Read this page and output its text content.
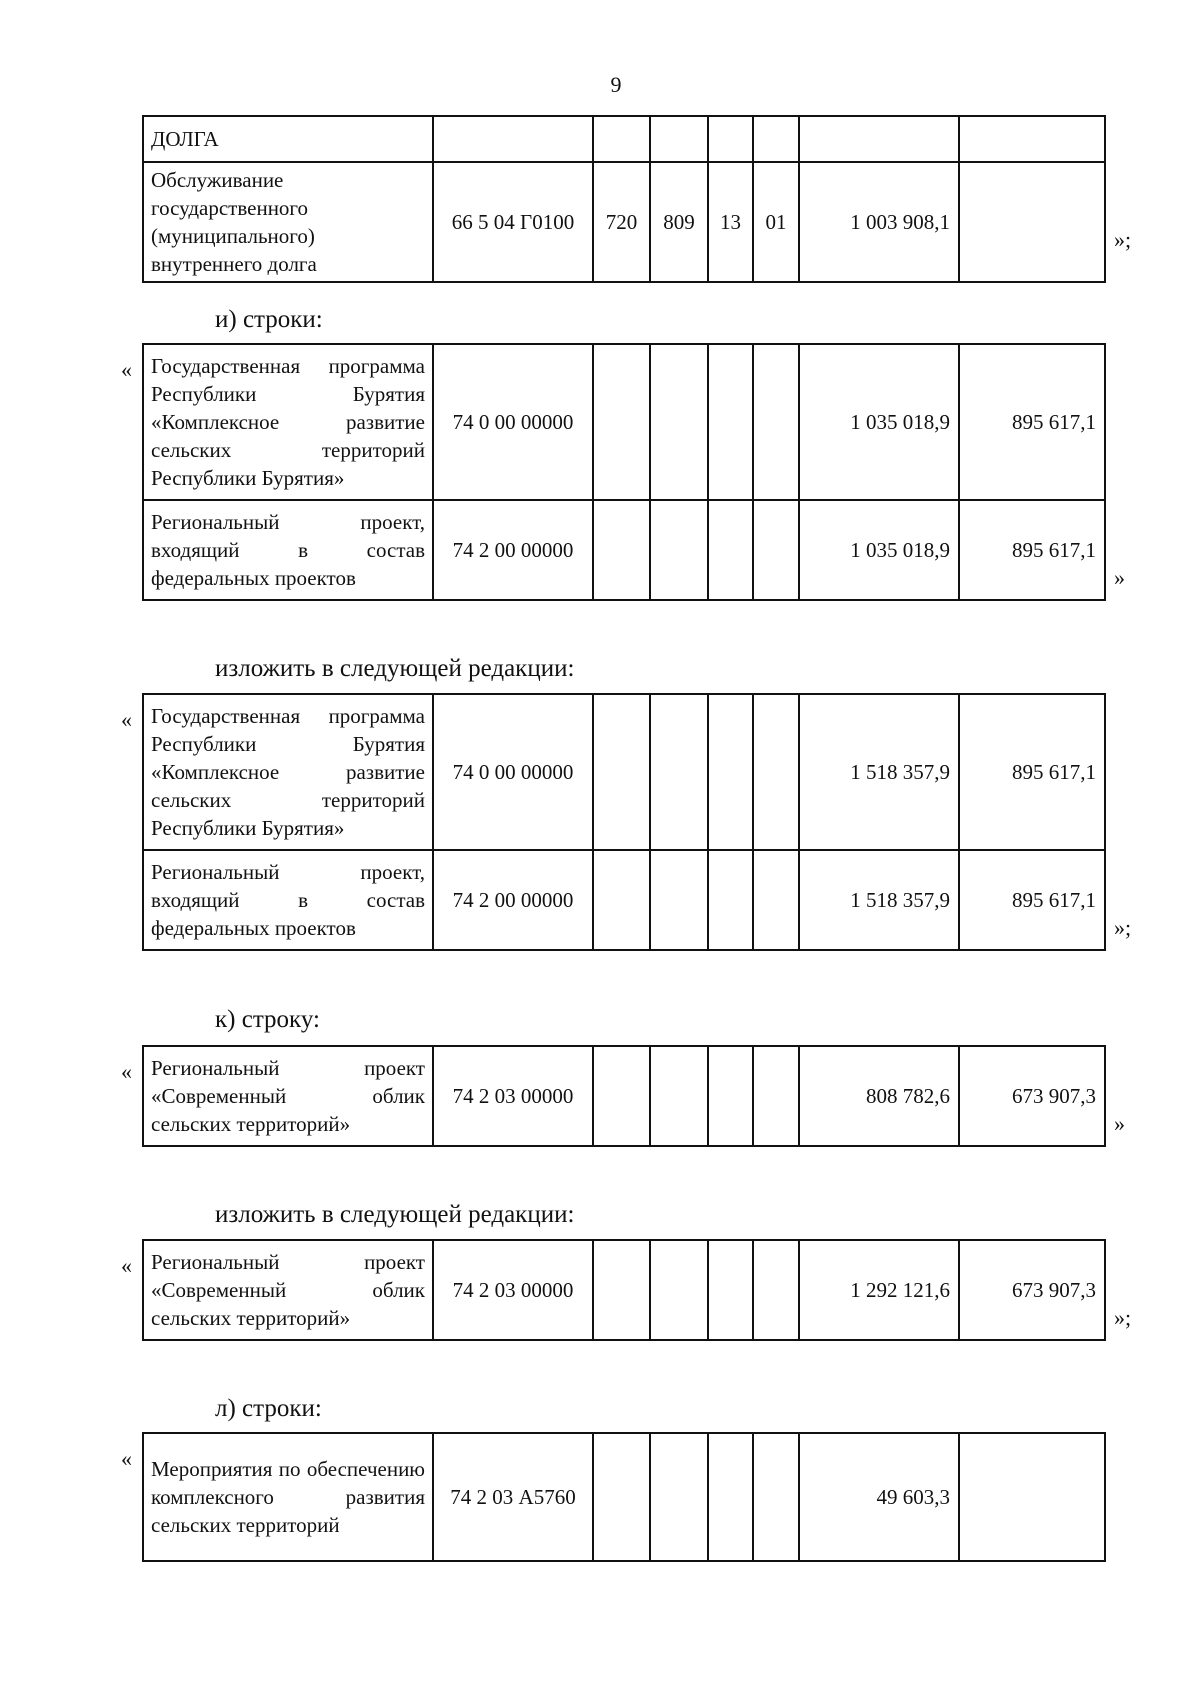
9
ДОЛГА							
Обслуживание государственного (муниципального) внутреннего долга	66 5 04 Г0100	720	809	13	01	1 003 908,1	
»;
и) строки:
« Государственная программа Республики Бурятия «Комплексное развитие сельских территорий Республики Бурятия»	74 0 00 00000					1 035 018,9	895 617,1
Региональный проект, входящий в состав федеральных проектов	74 2 00 00000					1 035 018,9	895 617,1
»
изложить в следующей редакции:
« Государственная программа Республики Бурятия «Комплексное развитие сельских территорий Республики Бурятия»	74 0 00 00000					1 518 357,9	895 617,1
Региональный проект, входящий в состав федеральных проектов	74 2 00 00000					1 518 357,9	895 617,1
»;
к) строку:
« Региональный проект «Современный облик сельских территорий»	74 2 03 00000					808 782,6	673 907,3
»
изложить в следующей редакции:
« Региональный проект «Современный облик сельских территорий»	74 2 03 00000					1 292 121,6	673 907,3
»;
л) строки:
« Мероприятия по обеспечению комплексного развития сельских территорий	74 2 03 А5760					49 603,3	
